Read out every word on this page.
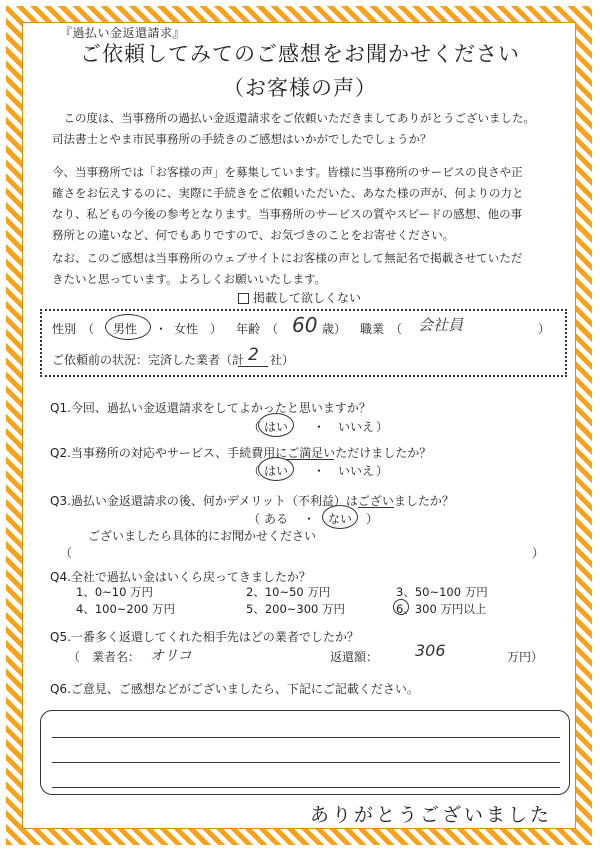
『過払い金返還請求』
ご依頼してみてのご感想をお聞かせください
（お客様の声）
　この度は、当事務所の過払い金返還請求をご依頼いただきましてありがとうございました。
司法書士とやま市民事務所の手続きのご感想はいかがでしたでしょうか？
今、当事務所では「お客様の声」を募集しています。皆様に当事務所のサービスの良さや正
確さをお伝えするのに、実際に手続きをご依頼いただいた、あなた様の声が、何よりの力と
なり、私どもの今後の参考となります。当事務所のサービスの質やスピードの感想、他の事
務所との違いなど、何でもありですので、お気づきのことをお寄せください。
なお、このご感想は当事務所のウェブサイトにお客様の声として無記名で掲載させていただ
きたいと思っています。よろしくお願いいたします。
掲載して欲しくない
性別　（ 男性 ・ 女性　） 年齢　（ 60 歳） 職業　（ 会社員	）
ご依頼前の状況：完済した業者（計 2 社）
Q1.今回、過払い金返還請求をしてよかったと思いますか？
（ はい ・ いいえ ）
Q2.当事務所の対応やサービス、手続費用にご満足いただけましたか？
（ はい ・ いいえ ）
Q3.過払い金返還請求の後、何かデメリット（不利益）はございましたか？
（ ある ・ ない ）
ございましたら具体的にお聞かせください
（	）
Q4.全社で過払い金はいくら戻ってきましたか？
1、0~10 万円	2、10~50 万円	3、50~100 万円
4、100~200 万円	5、200~300 万円	6、300 万円以上
Q5.一番多く返還してくれた相手先はどの業者でしたか？
（　業者名： オリコ	返還額： 306	万円）
Q6.ご意見、ご感想などがございましたら、下記にご記載ください。
ありがとうございました
